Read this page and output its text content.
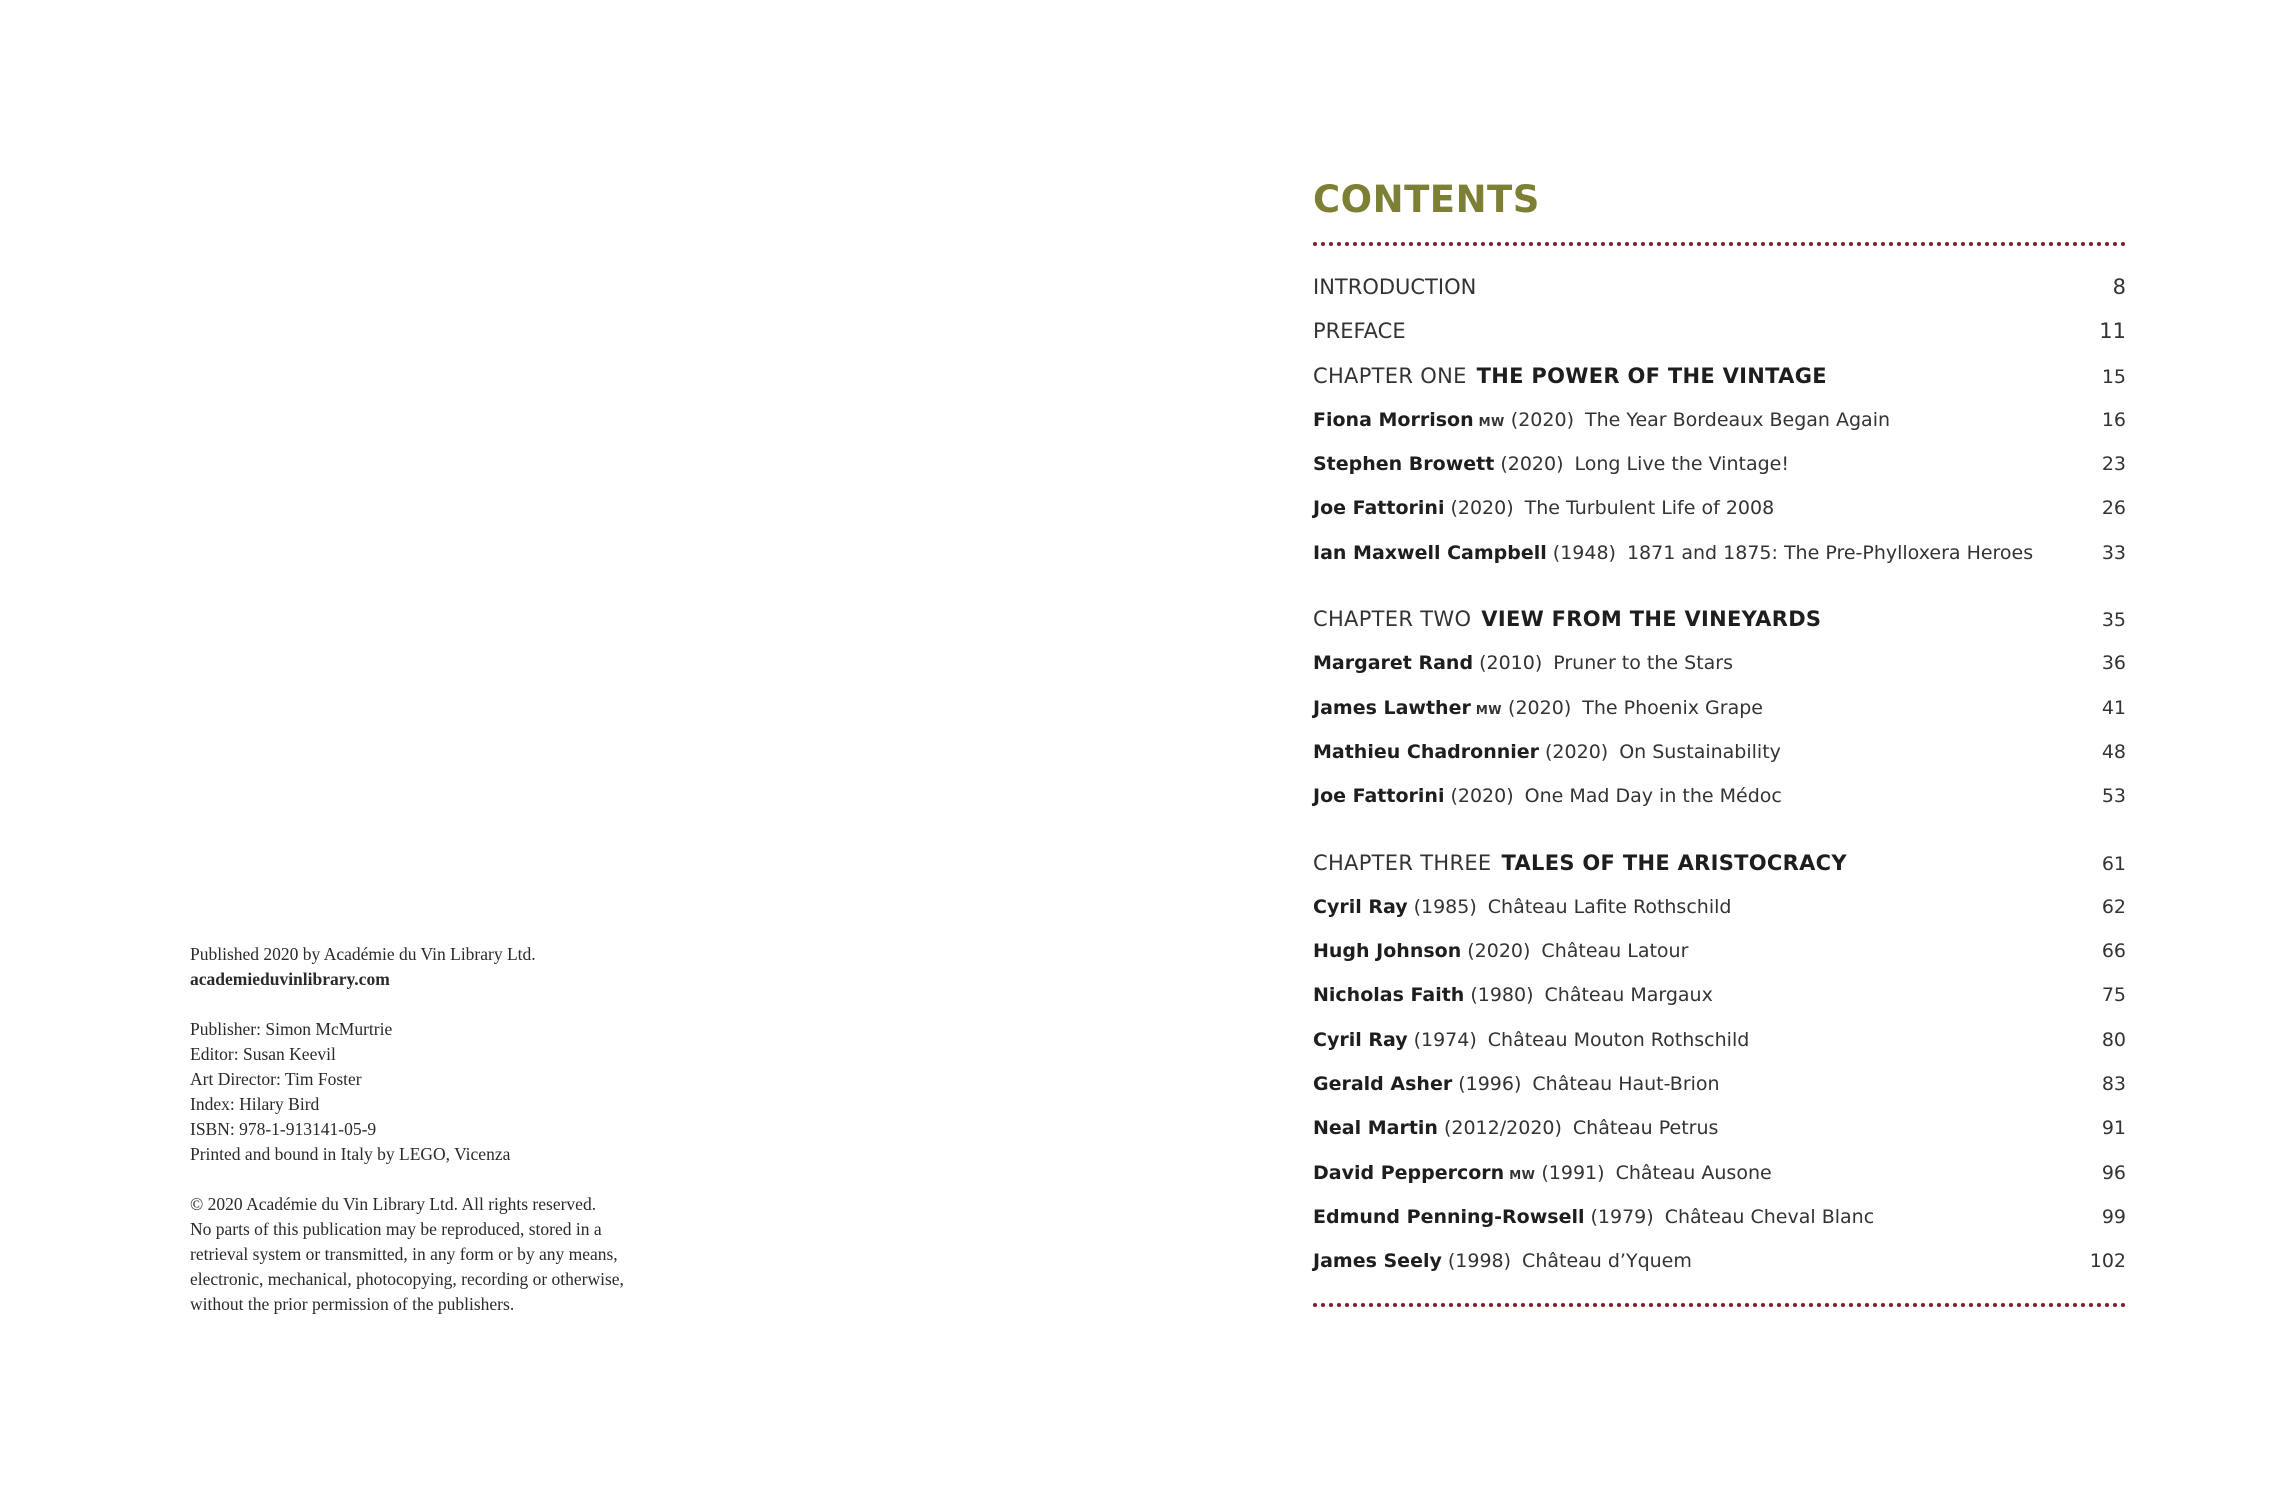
Published 2020 by Académie du Vin Library Ltd.
academieduvinlibrary.com
Publisher: Simon McMurtrie
Editor: Susan Keevil
Art Director: Tim Foster
Index: Hilary Bird
ISBN: 978-1-913141-05-9
Printed and bound in Italy by LEGO, Vicenza
© 2020 Académie du Vin Library Ltd. All rights reserved.
No parts of this publication may be reproduced, stored in a
retrieval system or transmitted, in any form or by any means,
electronic, mechanical, photocopying, recording or otherwise,
without the prior permission of the publishers.
CONTENTS
INTRODUCTION	8
PREFACE	11
CHAPTER ONE THE POWER OF THE VINTAGE	15
Fiona Morrison MW (2020) The Year Bordeaux Began Again	16
Stephen Browett (2020) Long Live the Vintage!	23
Joe Fattorini (2020) The Turbulent Life of 2008	26
Ian Maxwell Campbell (1948) 1871 and 1875: The Pre-Phylloxera Heroes	33
CHAPTER TWO VIEW FROM THE VINEYARDS	35
Margaret Rand (2010) Pruner to the Stars	36
James Lawther MW (2020) The Phoenix Grape	41
Mathieu Chadronnier (2020) On Sustainability	48
Joe Fattorini (2020) One Mad Day in the Médoc	53
CHAPTER THREE TALES OF THE ARISTOCRACY	61
Cyril Ray (1985) Château Lafite Rothschild	62
Hugh Johnson (2020) Château Latour	66
Nicholas Faith (1980) Château Margaux	75
Cyril Ray (1974) Château Mouton Rothschild	80
Gerald Asher (1996) Château Haut-Brion	83
Neal Martin (2012/2020) Château Petrus	91
David Peppercorn MW (1991) Château Ausone	96
Edmund Penning-Rowsell (1979) Château Cheval Blanc	99
James Seely (1998) Château d’Yquem	102
